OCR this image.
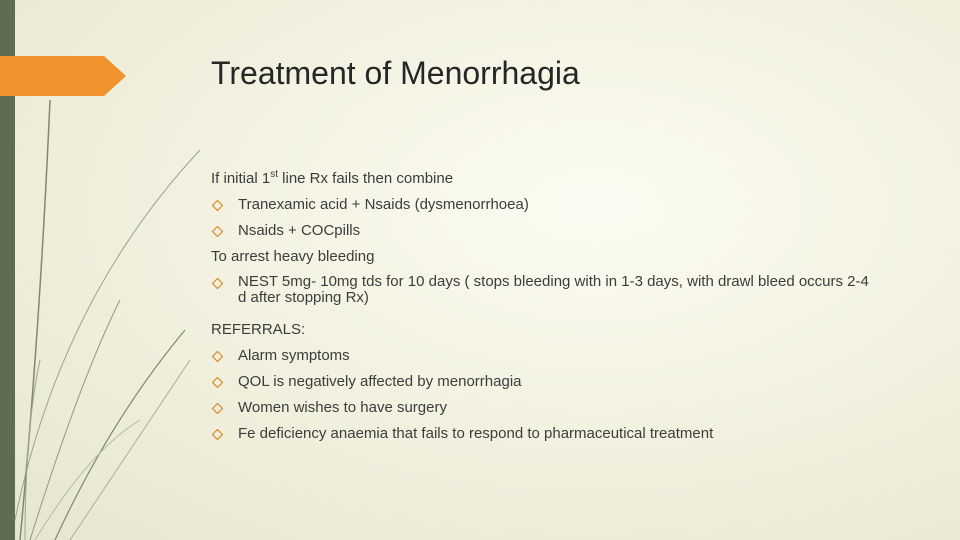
Treatment of Menorrhagia
If initial 1st line Rx fails then combine
Tranexamic acid + Nsaids (dysmenorrhoea)
Nsaids + COCpills
To arrest heavy bleeding
NEST 5mg- 10mg tds for 10 days ( stops bleeding with in 1-3 days, with drawl bleed occurs 2-4 d after stopping Rx)
REFERRALS:
Alarm symptoms
QOL is negatively affected by menorrhagia
Women wishes to have surgery
Fe deficiency anaemia that fails to respond to pharmaceutical treatment
